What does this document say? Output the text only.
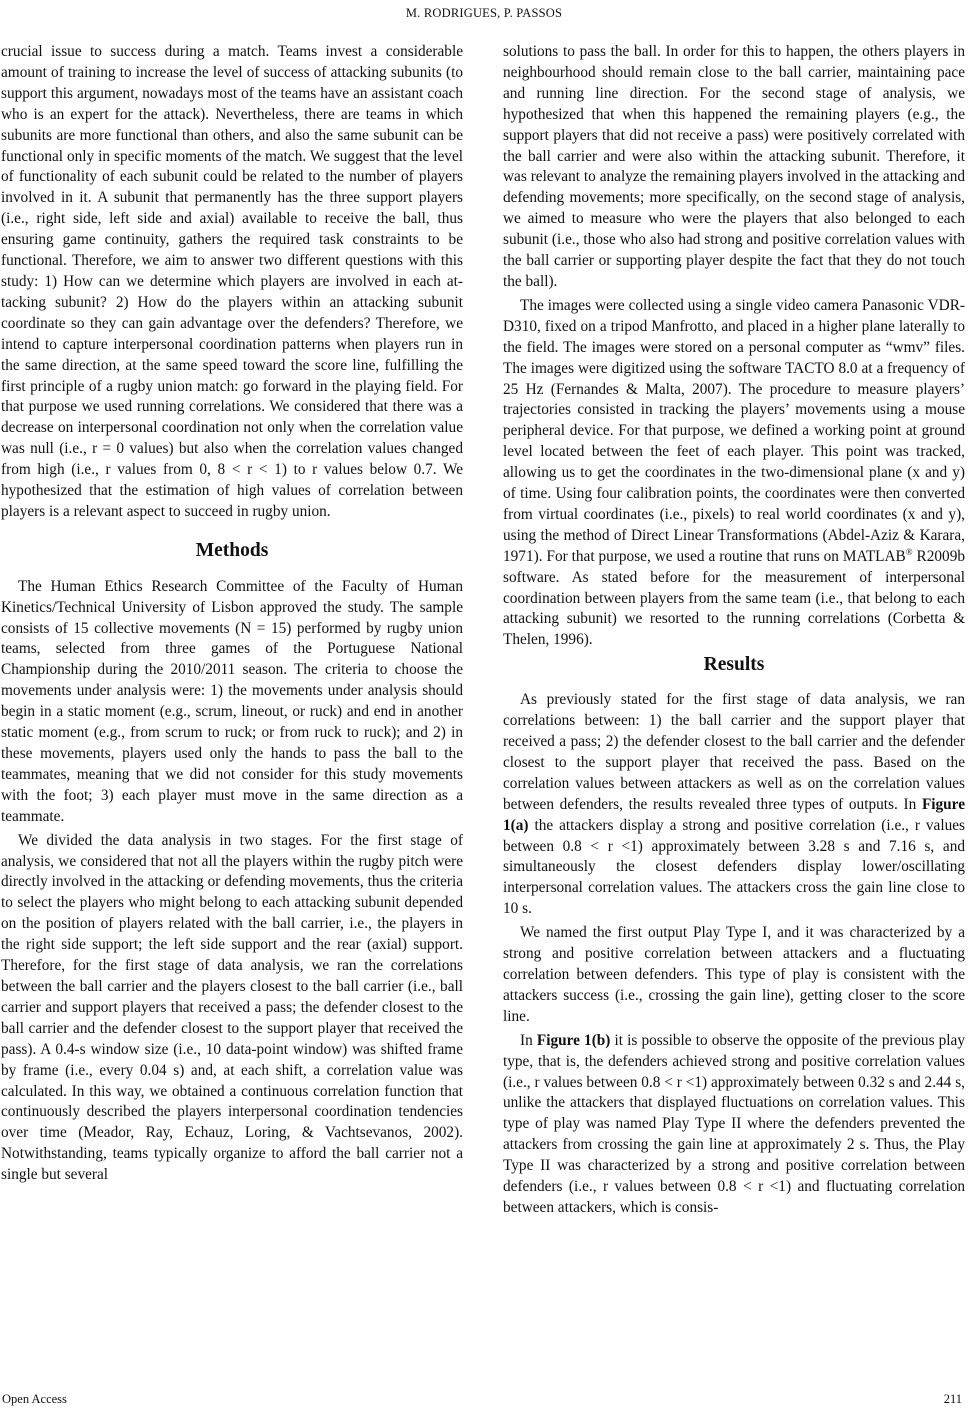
M. RODRIGUES, P. PASSOS

crucial issue to success during a match. Teams invest a considerable amount of training to increase the level of success of attacking subunits (to support this argument, nowadays most of the teams have an assistant coach who is an expert for the attack). Nevertheless, there are teams in which subunits are more functional than others, and also the same subunit can be functional only in specific moments of the match. We suggest that the level of functionality of each subunit could be related to the number of players involved in it. A subunit that permanently has the three support players (i.e., right side, left side and axial) available to receive the ball, thus ensuring game continuity, gathers the required task constraints to be functional. Therefore, we aim to answer two different questions with this study: 1) How can we determine which players are involved in each attacking subunit? 2) How do the players within an attacking subunit coordinate so they can gain advantage over the defenders? Therefore, we intend to capture interpersonal coordination patterns when players run in the same direction, at the same speed toward the score line, fulfilling the first principle of a rugby union match: go forward in the playing field. For that purpose we used running correlations. We considered that there was a decrease on interpersonal coordination not only when the correlation value was null (i.e., r = 0 values) but also when the correlation values changed from high (i.e., r values from 0, 8 < r < 1) to r values below 0.7. We hypothesized that the estimation of high values of correlation between players is a relevant aspect to succeed in rugby union.

Methods

The Human Ethics Research Committee of the Faculty of Human Kinetics/Technical University of Lisbon approved the study. The sample consists of 15 collective movements (N = 15) performed by rugby union teams, selected from three games of the Portuguese National Championship during the 2010/2011 season. The criteria to choose the movements under analysis were: 1) the movements under analysis should begin in a static moment (e.g., scrum, lineout, or ruck) and end in another static moment (e.g., from scrum to ruck; or from ruck to ruck); and 2) in these movements, players used only the hands to pass the ball to the teammates, meaning that we did not consider for this study movements with the foot; 3) each player must move in the same direction as a teammate.

We divided the data analysis in two stages. For the first stage of analysis, we considered that not all the players within the rugby pitch were directly involved in the attacking or defending movements, thus the criteria to select the players who might belong to each attacking subunit depended on the position of players related with the ball carrier, i.e., the players in the right side support; the left side support and the rear (axial) support. Therefore, for the first stage of data analysis, we ran the correlations between the ball carrier and the players closest to the ball carrier (i.e., ball carrier and support players that received a pass; the defender closest to the ball carrier and the defender closest to the support player that received the pass). A 0.4-s window size (i.e., 10 data-point window) was shifted frame by frame (i.e., every 0.04 s) and, at each shift, a correlation value was calculated. In this way, we obtained a continuous correlation function that continuously described the players interpersonal coordination tendencies over time (Meador, Ray, Echauz, Loring, & Vachtsevanos, 2002). Notwithstanding, teams typically organize to afford the ball carrier not a single but several

solutions to pass the ball. In order for this to happen, the others players in neighbourhood should remain close to the ball carrier, maintaining pace and running line direction. For the second stage of analysis, we hypothesized that when this happened the remaining players (e.g., the support players that did not receive a pass) were positively correlated with the ball carrier and were also within the attacking subunit. Therefore, it was relevant to analyze the remaining players involved in the attacking and defending movements; more specifically, on the second stage of analysis, we aimed to measure who were the players that also belonged to each subunit (i.e., those who also had strong and positive correlation values with the ball carrier or supporting player despite the fact that they do not touch the ball).

The images were collected using a single video camera Panasonic VDR-D310, fixed on a tripod Manfrotto, and placed in a higher plane laterally to the field. The images were stored on a personal computer as “wmv” files. The images were digitized using the software TACTO 8.0 at a frequency of 25 Hz (Fernandes & Malta, 2007). The procedure to measure players’ trajectories consisted in tracking the players’ movements using a mouse peripheral device. For that purpose, we defined a working point at ground level located between the feet of each player. This point was tracked, allowing us to get the coordinates in the two-dimensional plane (x and y) of time. Using four calibration points, the coordinates were then converted from virtual coordinates (i.e., pixels) to real world coordinates (x and y), using the method of Direct Linear Transformations (Abdel-Aziz & Karara, 1971). For that purpose, we used a routine that runs on MATLAB® R2009b software. As stated before for the measurement of interpersonal coordination between players from the same team (i.e., that belong to each attacking subunit) we resorted to the running correlations (Corbetta & Thelen, 1996).

Results

As previously stated for the first stage of data analysis, we ran correlations between: 1) the ball carrier and the support player that received a pass; 2) the defender closest to the ball carrier and the defender closest to the support player that received the pass. Based on the correlation values between attackers as well as on the correlation values between defenders, the results revealed three types of outputs. In Figure 1(a) the attackers display a strong and positive correlation (i.e., r values between 0.8 < r <1) approximately between 3.28 s and 7.16 s, and simultaneously the closest defenders display lower/oscillating interpersonal correlation values. The attackers cross the gain line close to 10 s.

We named the first output Play Type I, and it was characterized by a strong and positive correlation between attackers and a fluctuating correlation between defenders. This type of play is consistent with the attackers success (i.e., crossing the gain line), getting closer to the score line.

In Figure 1(b) it is possible to observe the opposite of the previous play type, that is, the defenders achieved strong and positive correlation values (i.e., r values between 0.8 < r <1) approximately between 0.32 s and 2.44 s, unlike the attackers that displayed fluctuations on correlation values. This type of play was named Play Type II where the defenders prevented the attackers from crossing the gain line at approximately 2 s. Thus, the Play Type II was characterized by a strong and positive correlation between defenders (i.e., r values between 0.8 < r <1) and fluctuating correlation between attackers, which is consis-

Open Access	211
